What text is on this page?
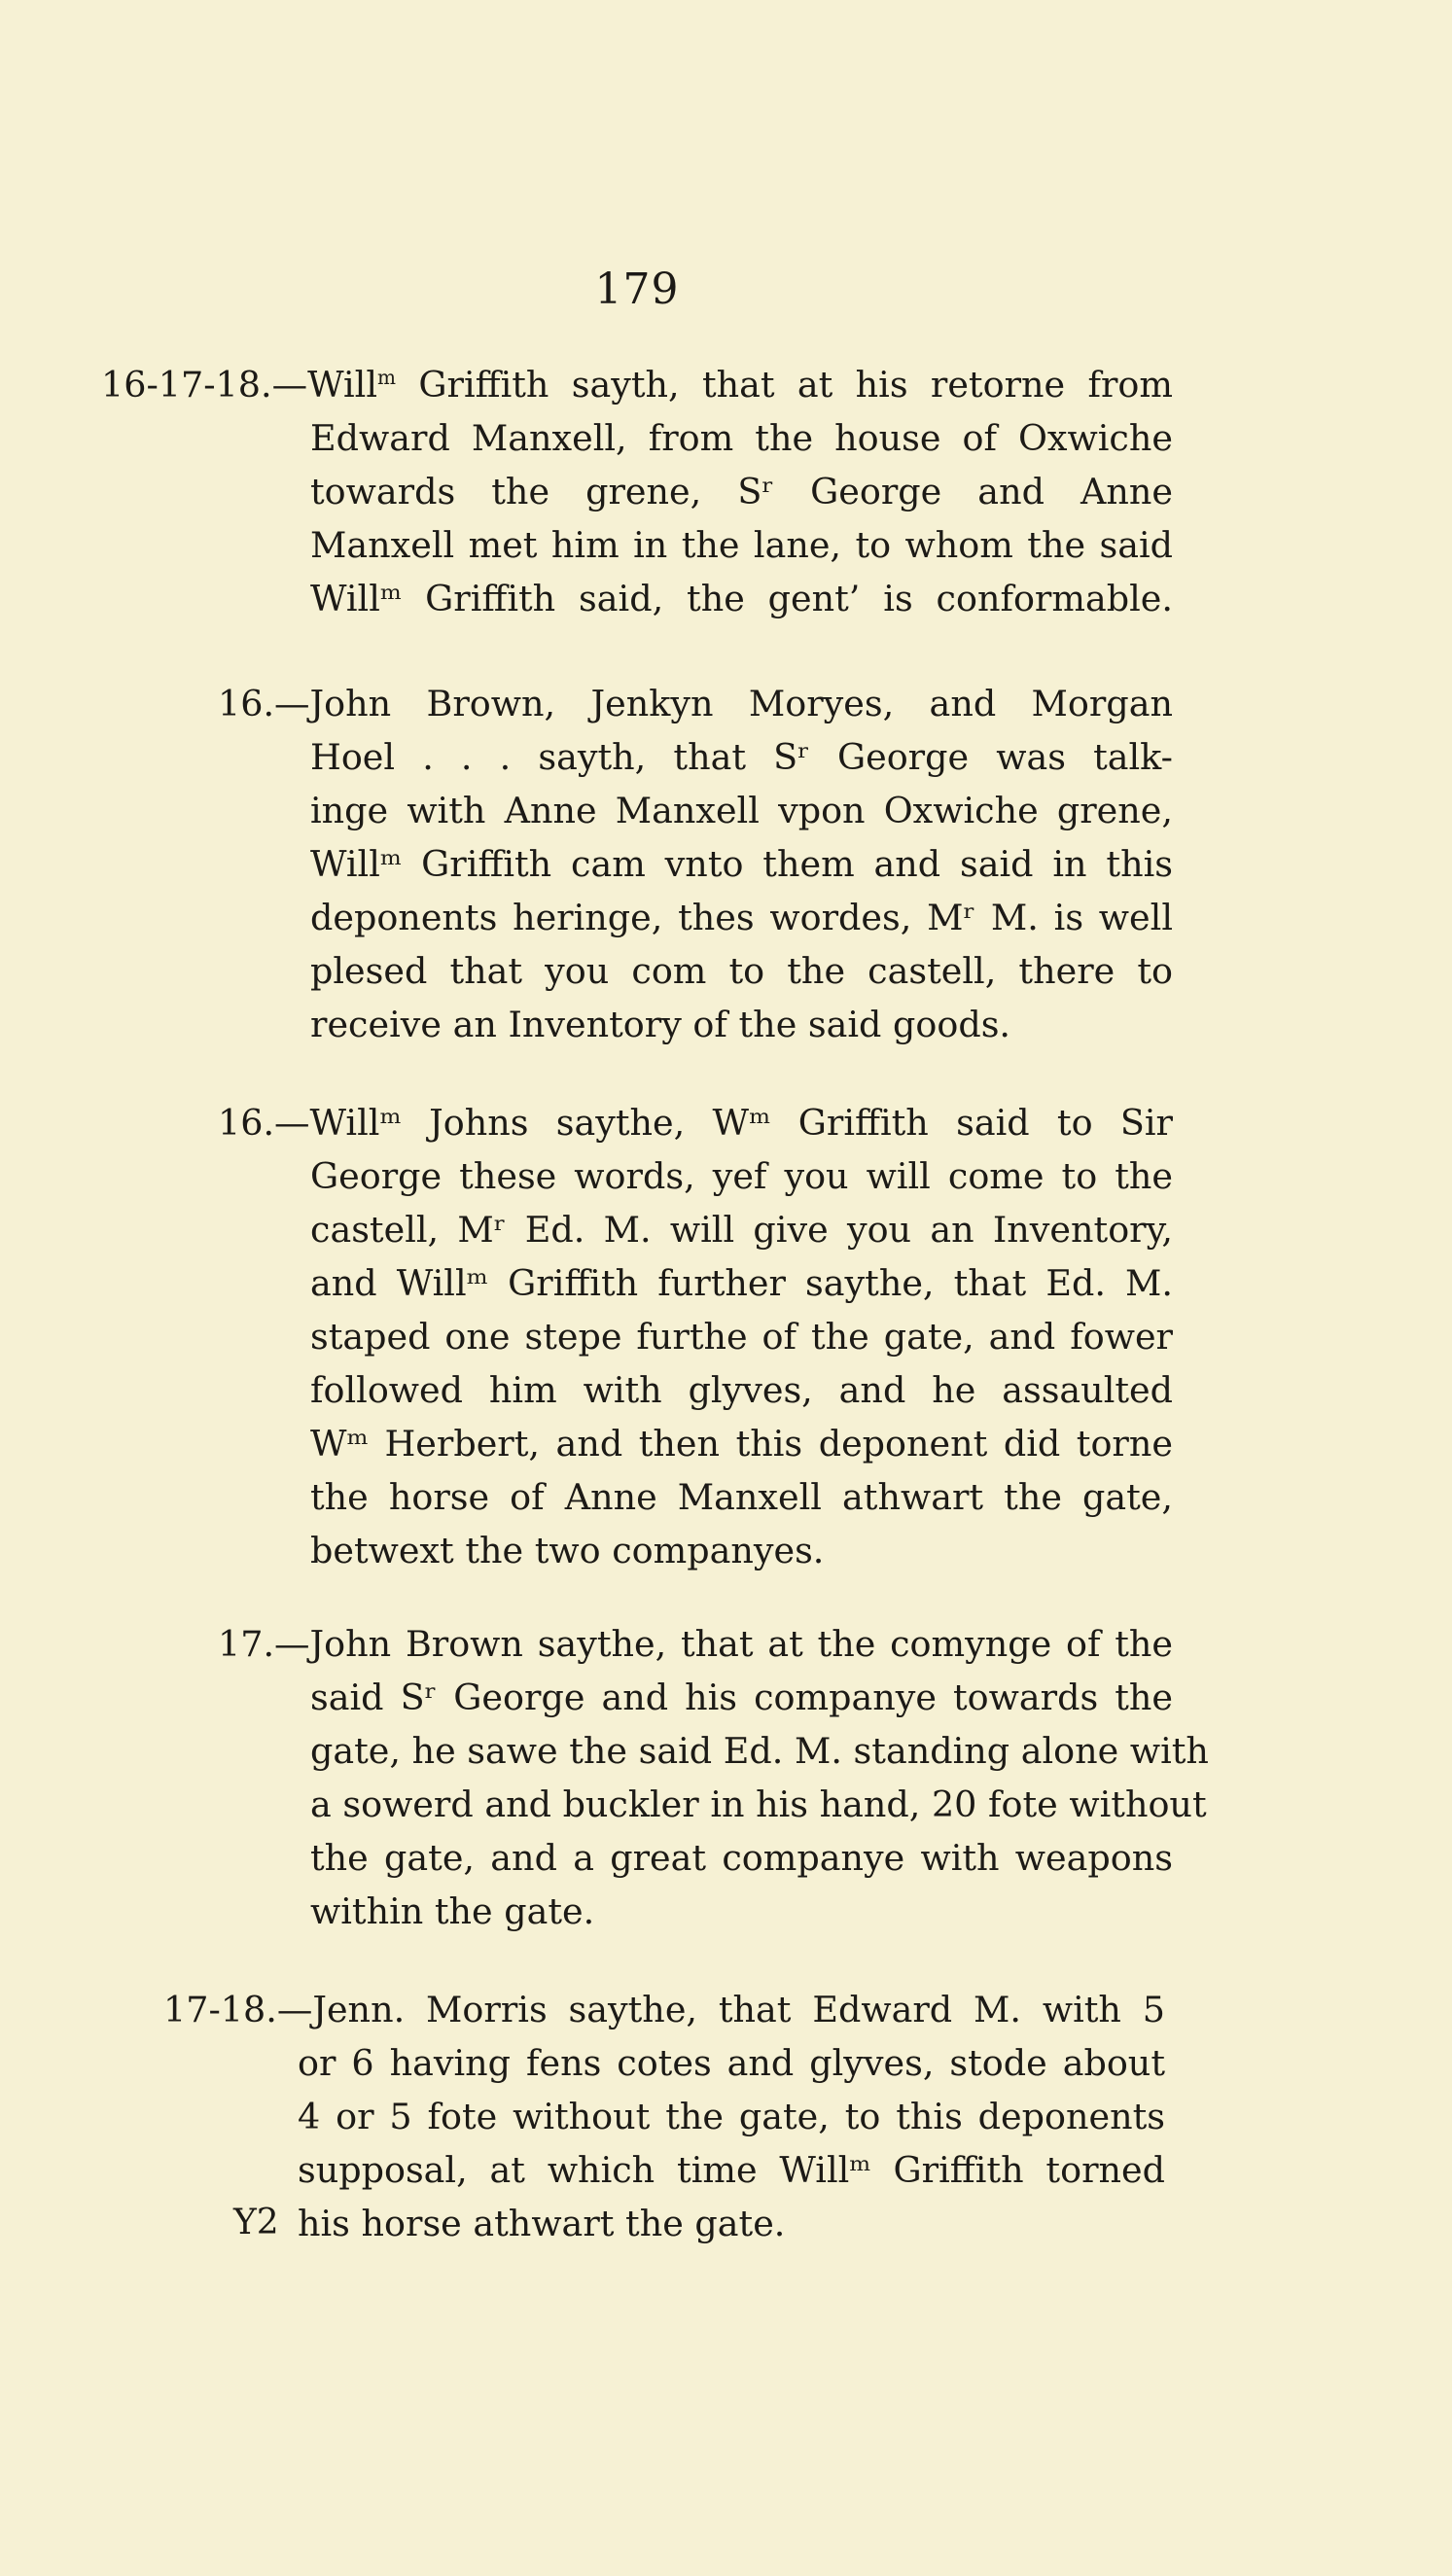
179
16-17-18.—Will$^m$ Griffith sayth, that at his retorne from
Edward Manxell, from the house of Oxwiche
towards the grene, Sʳ George and Anne
Manxell met him in the lane, to whom the said
Willᵐ Griffith said, the gent’ is conformable.
16.—John Brown, Jenkyn Moryes, and Morgan
Hoel . . . sayth, that Sʳ George was talk-
inge with Anne Manxell vpon Oxwiche grene,
Willᵐ Griffith cam vnto them and said in this
deponents heringe, thes wordes, Mʳ M. is well
plesed that you com to the castell, there to
receive an Inventory of the said goods.
16.—Willᵐ Johns saythe, Wᵐ Griffith said to Sir
George these words, yef you will come to the
castell, Mʳ Ed. M. will give you an Inventory,
and Willᵐ Griffith further saythe, that Ed. M.
staped one stepe furthe of the gate, and fower
followed him with glyves, and he assaulted
Wᵐ Herbert, and then this deponent did torne
the horse of Anne Manxell athwart the gate,
betwext the two companyes.
17.—John Brown saythe, that at the comynge of the
said Sʳ George and his companye towards the
gate, he sawe the said Ed. M. standing alone with
a sowerd and buckler in his hand, 20 fote without
the gate, and a great companye with weapons
within the gate.
17-18.—Jenn. Morris saythe, that Edward M. with 5
or 6 having fens cotes and glyves, stode about
4 or 5 fote without the gate, to this deponents
supposal, at which time Willᵐ Griffith torned
his horse athwart the gate.
Y2
